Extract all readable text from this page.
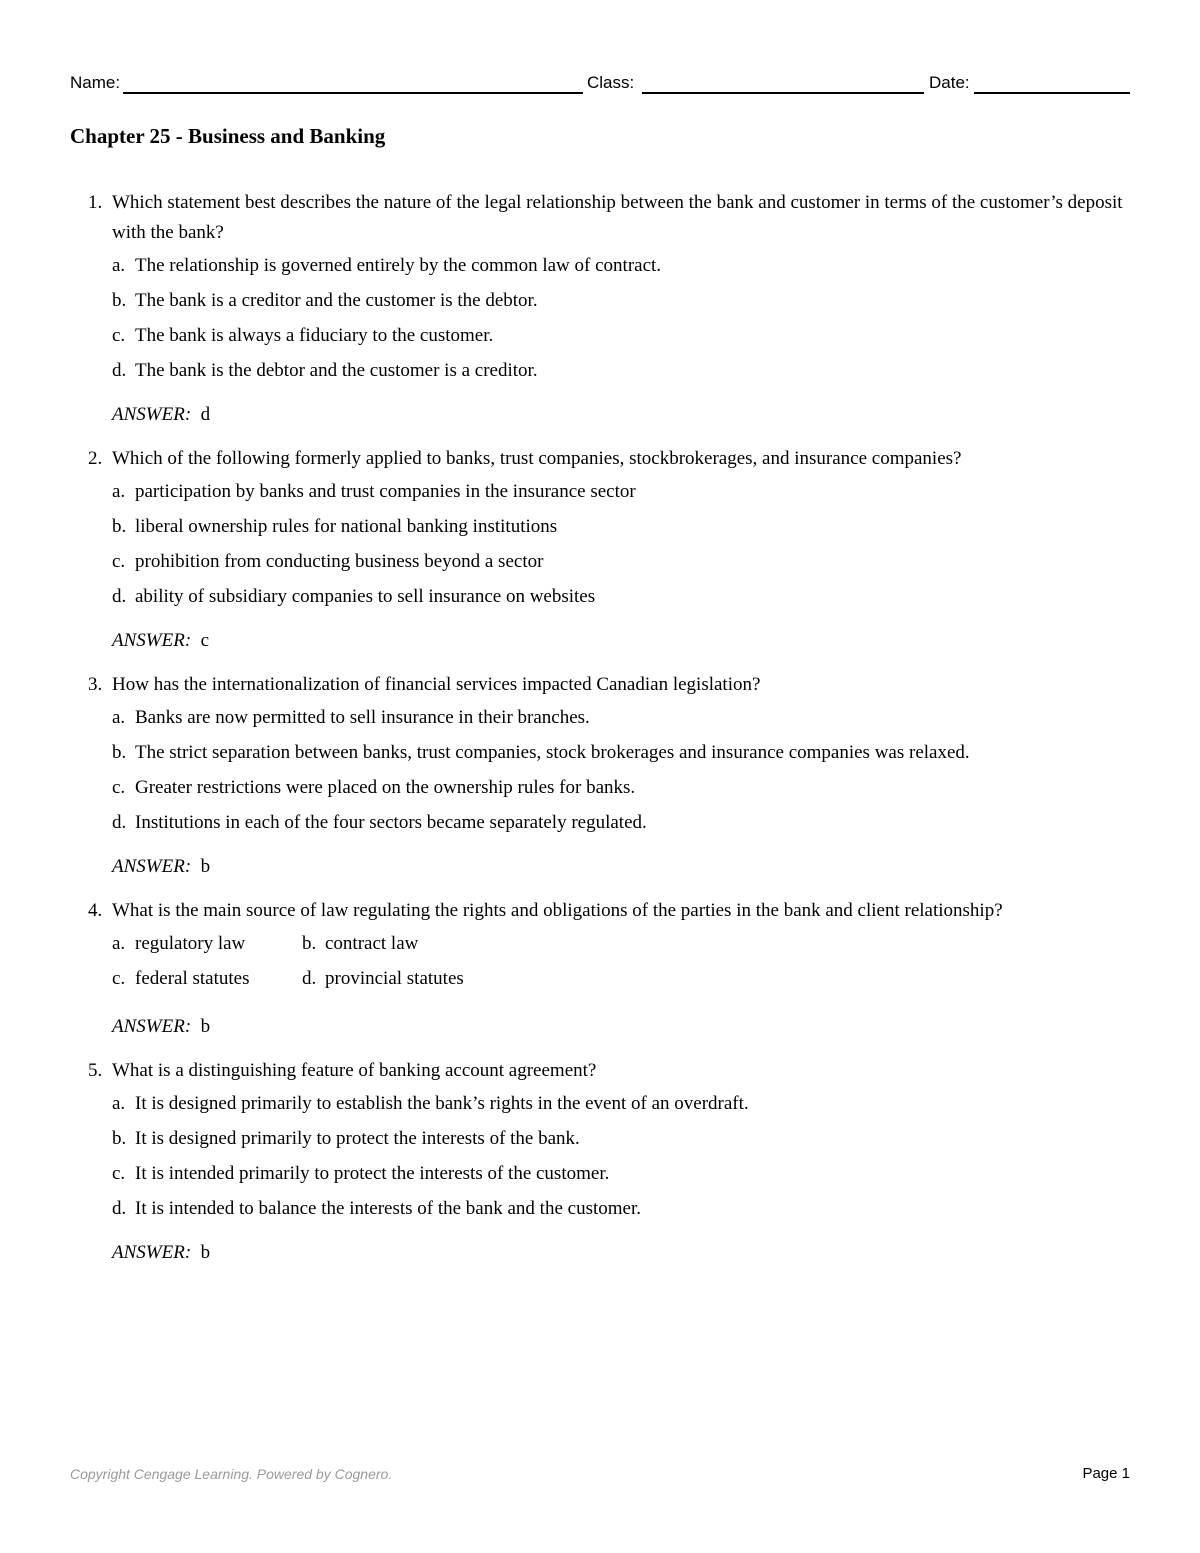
Name:	Class:	Date:
Chapter 25 - Business and Banking
1. Which statement best describes the nature of the legal relationship between the bank and customer in terms of the customer’s deposit with the bank?
a. The relationship is governed entirely by the common law of contract.
b. The bank is a creditor and the customer is the debtor.
c. The bank is always a fiduciary to the customer.
d. The bank is the debtor and the customer is a creditor.
ANSWER: d
2. Which of the following formerly applied to banks, trust companies, stockbrokerages, and insurance companies?
a. participation by banks and trust companies in the insurance sector
b. liberal ownership rules for national banking institutions
c. prohibition from conducting business beyond a sector
d. ability of subsidiary companies to sell insurance on websites
ANSWER: c
3. How has the internationalization of financial services impacted Canadian legislation?
a. Banks are now permitted to sell insurance in their branches.
b. The strict separation between banks, trust companies, stock brokerages and insurance companies was relaxed.
c. Greater restrictions were placed on the ownership rules for banks.
d. Institutions in each of the four sectors became separately regulated.
ANSWER: b
4. What is the main source of law regulating the rights and obligations of the parties in the bank and client relationship?
a. regulatory law	b. contract law
c. federal statutes	d. provincial statutes
ANSWER: b
5. What is a distinguishing feature of banking account agreement?
a. It is designed primarily to establish the bank’s rights in the event of an overdraft.
b. It is designed primarily to protect the interests of the bank.
c. It is intended primarily to protect the interests of the customer.
d. It is intended to balance the interests of the bank and the customer.
ANSWER: b
Copyright Cengage Learning. Powered by Cognero.	Page 1
